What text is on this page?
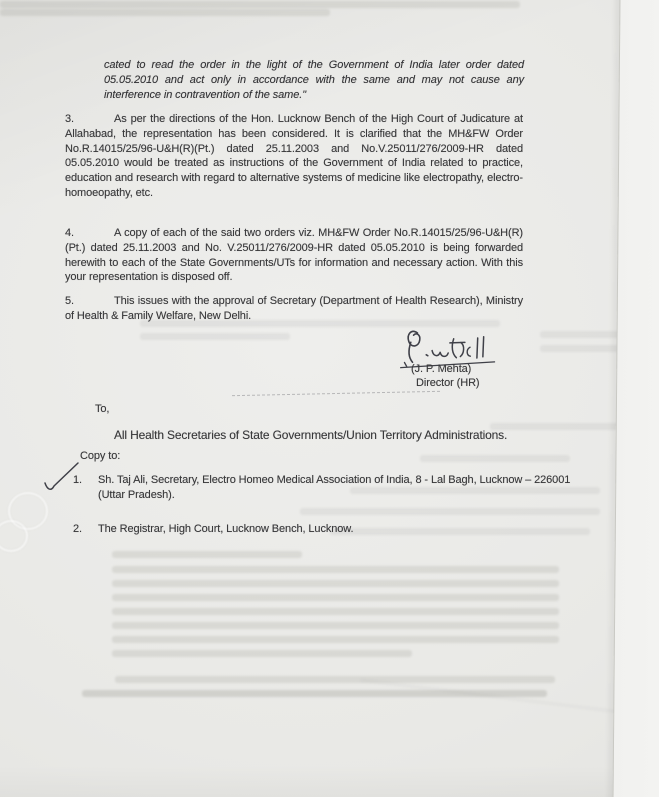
cated to read the order in the light of the Government of India later order dated 05.05.2010 and act only in accordance with the same and may not cause any interference in contravention of the same."
3.	As per the directions of the Hon. Lucknow Bench of the High Court of Judicature at Allahabad, the representation has been considered. It is clarified that the MH&FW Order No.R.14015/25/96-U&H(R)(Pt.) dated 25.11.2003 and No.V.25011/276/2009-HR dated 05.05.2010 would be treated as instructions of the Government of India related to practice, education and research with regard to alternative systems of medicine like electropathy, electro-homoeopathy, etc.
4.	A copy of each of the said two orders viz. MH&FW Order No.R.14015/25/96-U&H(R)(Pt.) dated 25.11.2003 and No. V.25011/276/2009-HR dated 05.05.2010 is being forwarded herewith to each of the State Governments/UTs for information and necessary action. With this your representation is disposed off.
5.	This issues with the approval of Secretary (Department of Health Research), Ministry of Health & Family Welfare, New Delhi.
(J. P. Mehta)
Director (HR)
To,
All Health Secretaries of State Governments/Union Territory Administrations.
Copy to:
1.	Sh. Taj Ali, Secretary, Electro Homeo Medical Association of India, 8 - Lal Bagh, Lucknow – 226001 (Uttar Pradesh).
2.	The Registrar, High Court, Lucknow Bench, Lucknow.
